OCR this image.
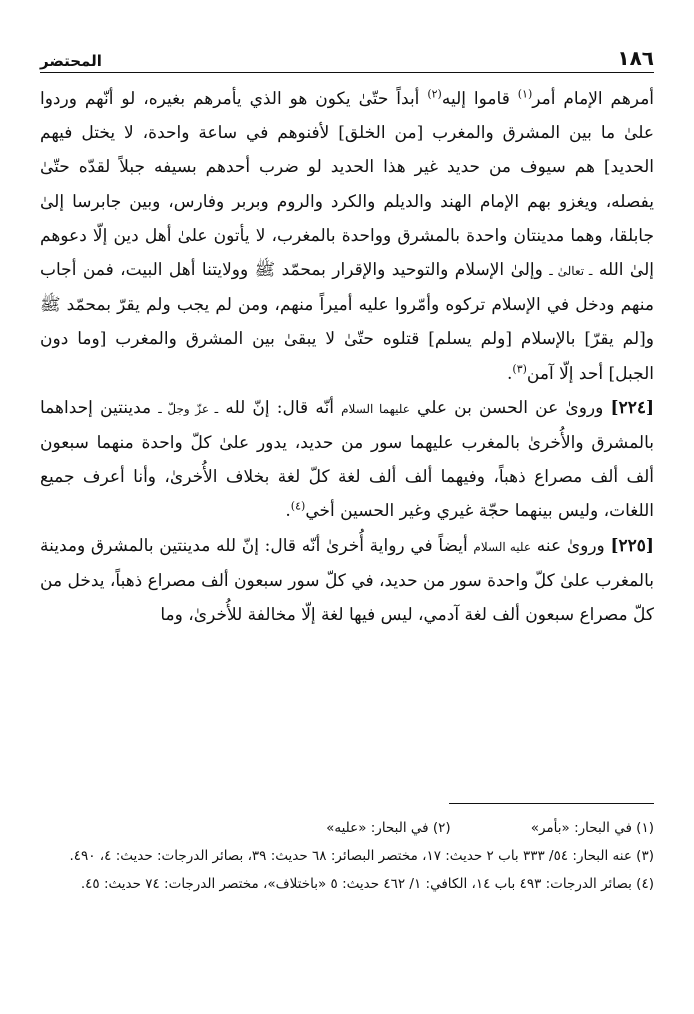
١٨٦
المحتضر

أمرهم الإمام أمر$^{(١)}$ قاموا إليه$^{(٢)}$ أبداً حتّىٰ يكون هو الذي يأمرهم بغيره، لو أنّهم وردوا علىٰ ما بين المشرق والمغرب [من الخلق] لأفنوهم في ساعة واحدة، لا يختل فيهم الحديد] هم سيوف من حديد غير هذا الحديد لو ضرب أحدهم بسيفه جبلاً لقدّه حتّىٰ يفصله، ويغزو بهم الإمام الهند والديلم والكرد والروم وبربر وفارس، وبين جابرسا إلىٰ جابلقا، وهما مدينتان واحدة بالمشرق وواحدة بالمغرب، لا يأتون علىٰ أهل دين إلّا دعوهم إلىٰ الله ـ تعالىٰ ـ وإلىٰ الإسلام والتوحيد والإقرار بمحمّد ﷺ وولايتنا أهل البيت، فمن أجاب منهم ودخل في الإسلام تركوه وأمّروا عليه أميراً منهم، ومن لم يجب ولم يقرّ بمحمّد ﷺ و[لم يقرّ] بالإسلام [ولم يسلم] قتلوه حتّىٰ لا يبقىٰ بين المشرق والمغرب [وما دون الجبل] أحد إلّا آمن$^{(٣)}$.

[٢٢٤] وروىٰ عن الحسن بن علي عليهما السلام أنّه قال: إنّ لله ـ عزّ وجلّ ـ مدينتين إحداهما بالمشرق والأُخرىٰ بالمغرب عليهما سور من حديد، يدور علىٰ كلّ واحدة منهما سبعون ألف ألف مصراع ذهباً، وفيهما ألف ألف لغة كلّ لغة بخلاف الأُخرىٰ، وأنا أعرف جميع اللغات، وليس بينهما حجّة غيري وغير الحسين أخي$^{(٤)}$.

[٢٢٥] وروىٰ عنه عليه السلام أيضاً في رواية أُخرىٰ أنّه قال: إنّ لله مدينتين بالمشرق ومدينة بالمغرب علىٰ كلّ واحدة سور من حديد، في كلّ سور سبعون ألف مصراع ذهباً، يدخل من كلّ مصراع سبعون ألف لغة آدمي، ليس فيها لغة إلّا مخالفة للأُخرىٰ، وما

(١) في البحار: «بأمر»
(٢) في البحار: «عليه»
(٣) عنه البحار: ٥٤/ ٣٣٣ باب ٢ حديث: ١٧، مختصر البصائر: ٦٨ حديث: ٣٩، بصائر الدرجات: حديث: ٤، ٤٩٠.
(٤) بصائر الدرجات: ٤٩٣ باب ١٤، الكافي: ١/ ٤٦٢ حديث: ٥ «باختلاف»، مختصر الدرجات: ٧٤ حديث: ٤٥.
